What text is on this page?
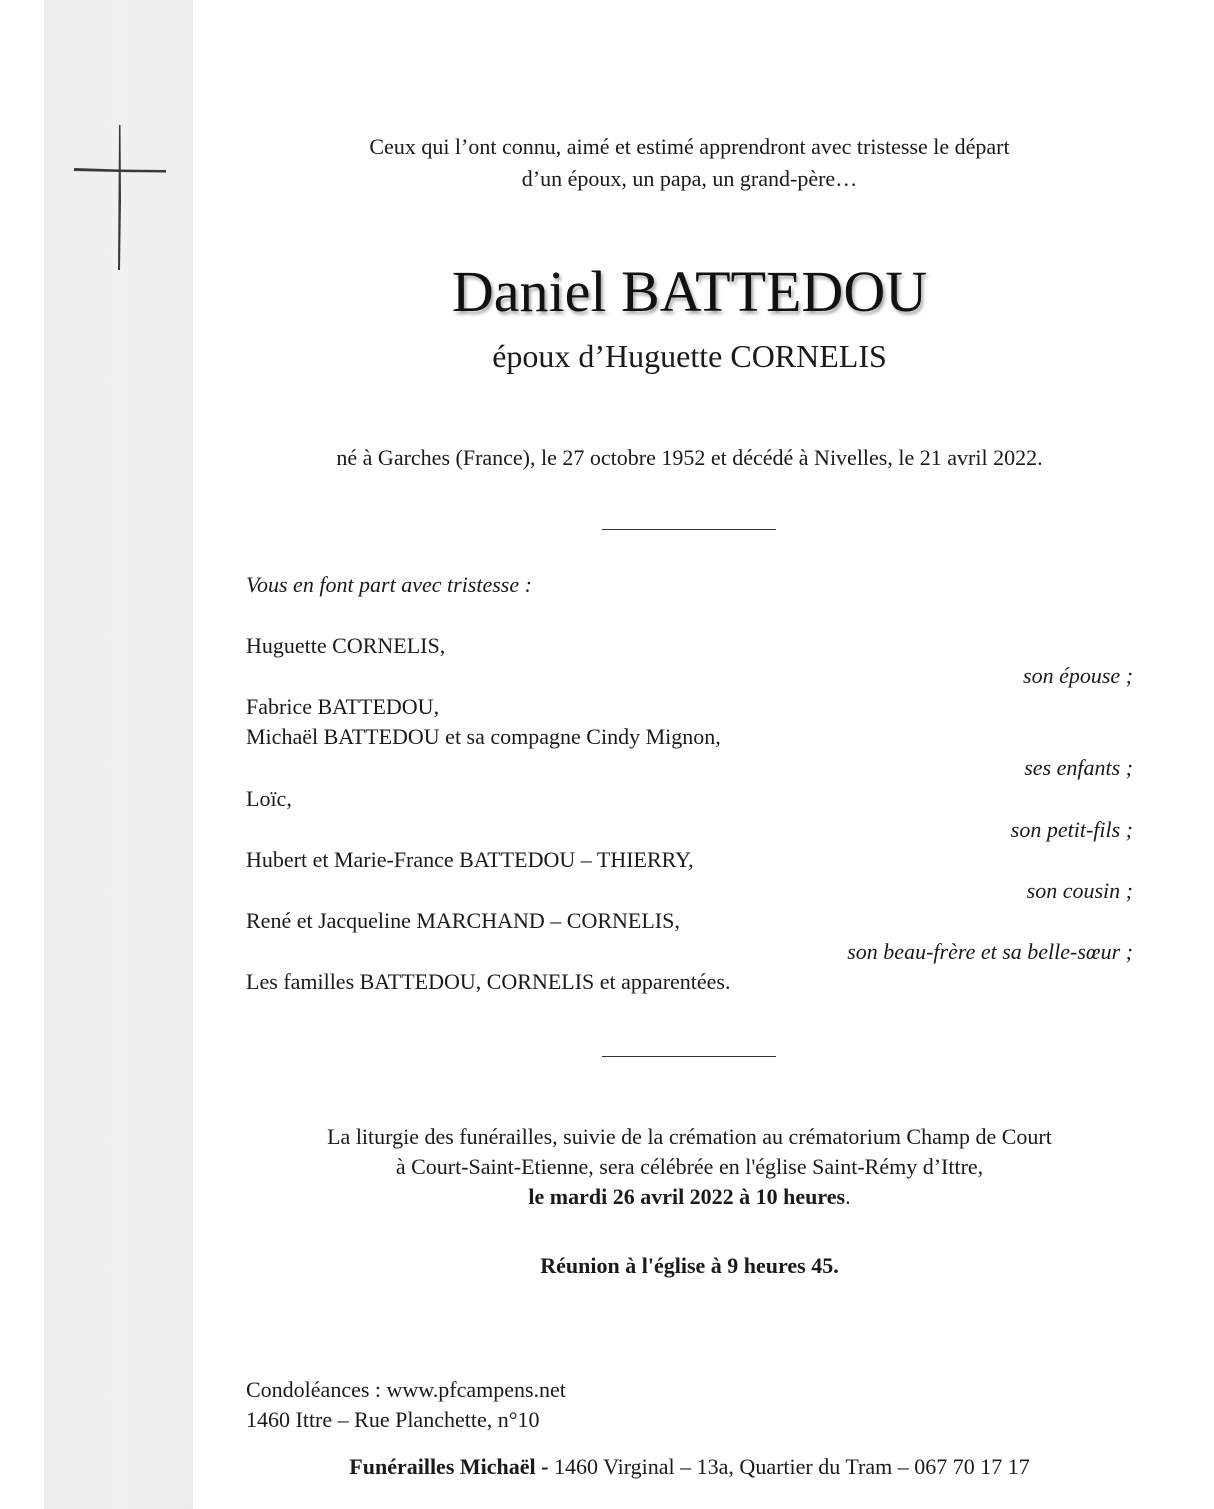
Ceux qui l’ont connu, aimé et estimé apprendront avec tristesse le départ
d’un époux, un papa, un grand-père…

Daniel BATTEDOU

époux d’Huguette CORNELIS

né à Garches (France), le 27 octobre 1952 et décédé à Nivelles, le 21 avril 2022.

Vous en font part avec tristesse :

Huguette CORNELIS,

son épouse ;

Fabrice BATTEDOU,

Michaël BATTEDOU et sa compagne Cindy Mignon,

ses enfants ;

Loïc,

son petit-fils ;

Hubert et Marie-France BATTEDOU – THIERRY,

son cousin ;

René et Jacqueline MARCHAND – CORNELIS,

son beau-frère et sa belle-sœur ;

Les familles BATTEDOU, CORNELIS et apparentées.

La liturgie des funérailles, suivie de la crémation au crématorium Champ de Court
à Court-Saint-Etienne, sera célébrée en l'église Saint-Rémy d’Ittre,
le mardi 26 avril 2022 à 10 heures.

Réunion à l'église à 9 heures 45.

Condoléances : www.pfcampens.net

1460 Ittre – Rue Planchette, n°10

Funérailles Michaël - 1460 Virginal – 13a, Quartier du Tram – 067 70 17 17
